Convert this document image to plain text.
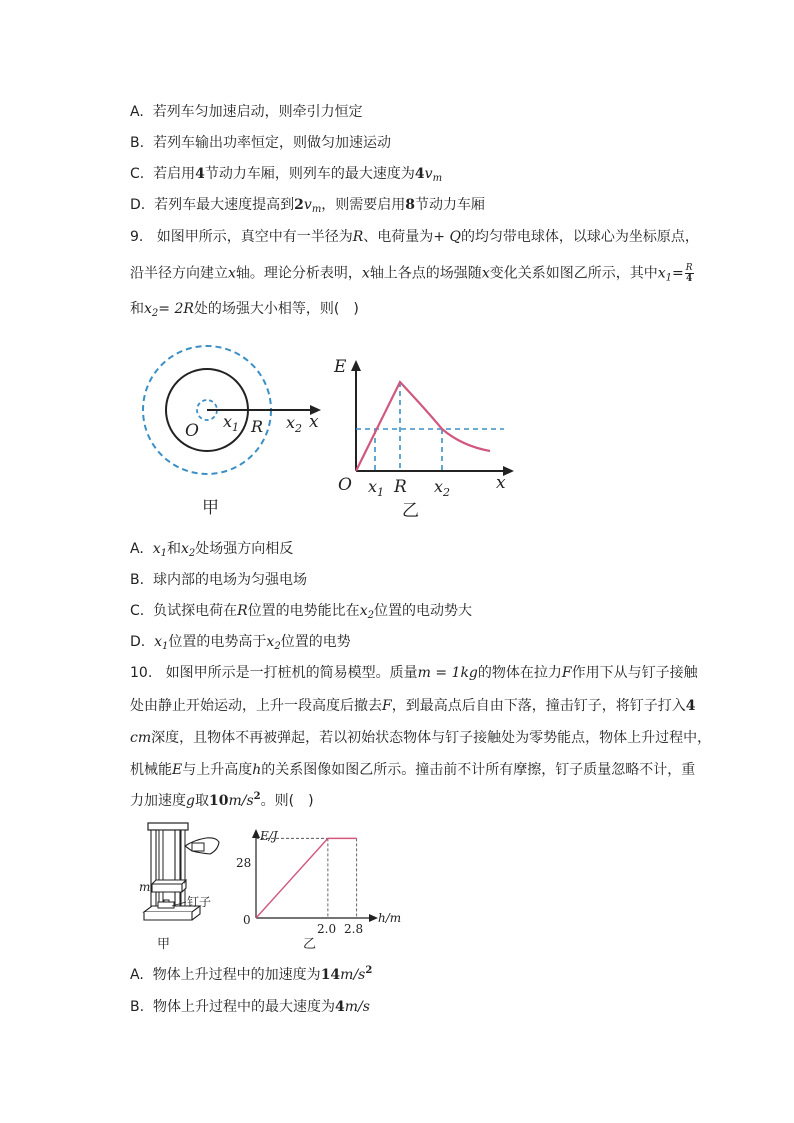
A. 若列车匀加速启动，则牵引力恒定
B. 若列车输出功率恒定，则做匀加速运动
C. 若启用4节动力车厢，则列车的最大速度为$4v_m$
D. 若列车最大速度提高到$2v_m$，则需要启用8节动力车厢
9. 如图甲所示，真空中有一半径为R、电荷量为+ Q的均匀带电球体，以球心为坐标原点，
沿半径方向建立x轴。理论分析表明，x轴上各点的场强随x变化关系如图乙所示，其中$x_1= \frac{R}{4}$
和$x_2= 2R$处的场强大小相等，则(　)
O $x_1$ R $x_2$ x
甲
E
O $x_1$ R $x_2$	x
乙
A. $x_1$和$x_2$处场强方向相反
B. 球内部的电场为匀强电场
C. 负试探电荷在R位置的电势能比在$x_2$位置的电动势大
D. $x_1$位置的电势高于$x_2$位置的电势
10. 如图甲所示是一打桩机的简易模型。质量m = 1kg的物体在拉力F作用下从与钉子接触
处由静止开始运动，上升一段高度后撤去F，到最高点后自由下落，撞击钉子，将钉子打入4
cm深度，且物体不再被弹起，若以初始状态物体与钉子接触处为零势能点，物体上升过程中，
机械能E与上升高度h的关系图像如图乙所示。撞击前不计所有摩擦，钉子质量忽略不计，重
力加速度g取$10m/s^2$。则(　)
m
钉子
甲
E/J
0
28
2.0 2.8
h/m
乙
A. 物体上升过程中的加速度为$14m/s^2$
B. 物体上升过程中的最大速度为4m/s
